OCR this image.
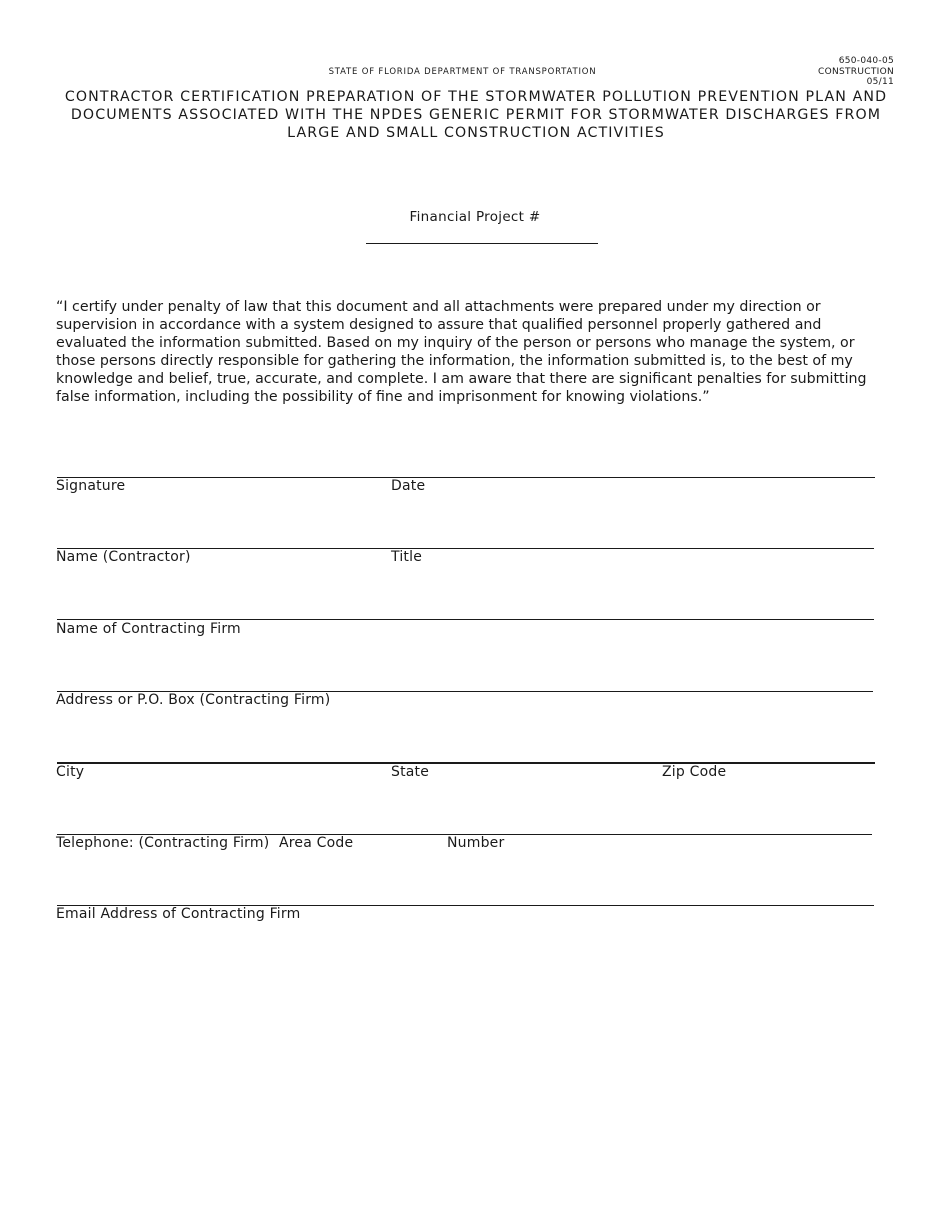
650-040-05
CONSTRUCTION
05/11
STATE OF FLORIDA DEPARTMENT OF TRANSPORTATION
CONTRACTOR CERTIFICATION PREPARATION OF THE STORMWATER POLLUTION PREVENTION PLAN AND DOCUMENTS ASSOCIATED WITH THE NPDES GENERIC PERMIT FOR STORMWATER DISCHARGES FROM LARGE AND SMALL CONSTRUCTION ACTIVITIES
Financial Project #

“I certify under penalty of law that this document and all attachments were prepared under my direction or supervision in accordance with a system designed to assure that qualified personnel properly gathered and evaluated the information submitted. Based on my inquiry of the person or persons who manage the system, or those persons directly responsible for gathering the information, the information submitted is, to the best of my knowledge and belief, true, accurate, and complete. I am aware that there are significant penalties for submitting false information, including the possibility of fine and imprisonment for knowing violations.”

Signature	Date
Name (Contractor)	Title
Name of Contracting Firm
Address or P.O. Box (Contracting Firm)
City	State	Zip Code
Telephone: (Contracting Firm) Area Code	Number
Email Address of Contracting Firm
